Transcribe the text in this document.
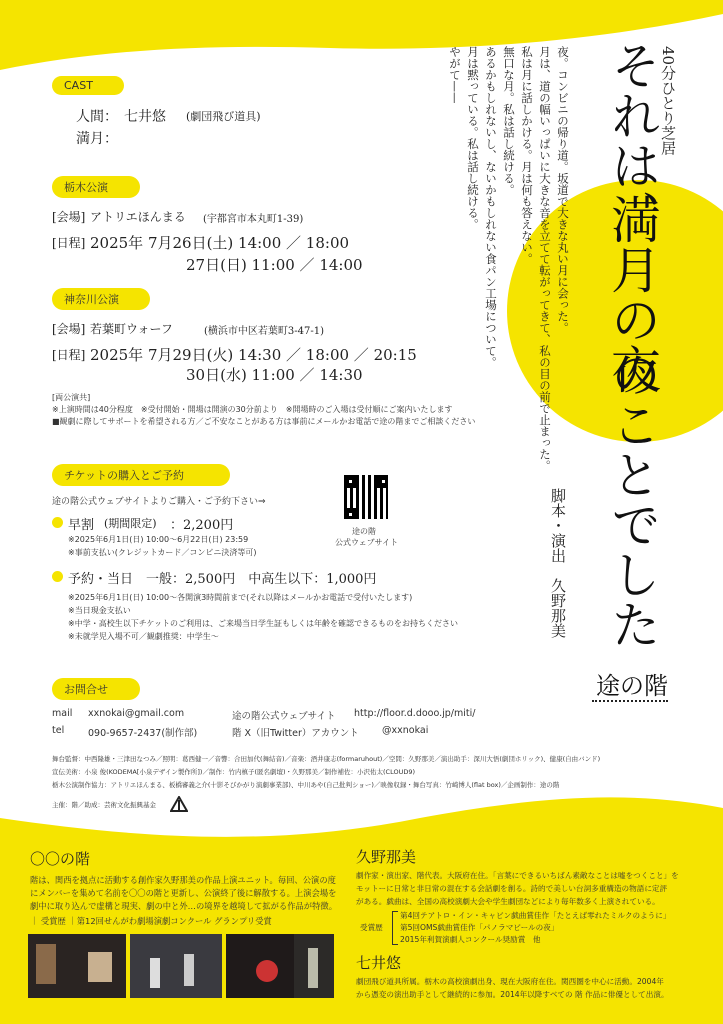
40分ひとり芝居
それは、
満月の夜
のことでした
脚本・演出　久野那美
夜。コンビニの帰り道。坂道で大きな丸い月に会った。
月は、道の幅いっぱいに大きな音を立てて転がってきて、私の目の前で止まった。
私は月に話しかける。月は何も答えない。
無口な月。私は話し続ける。
あるかもしれないし、ないかもしれない食パン工場について。
月は黙っている。私は話し続ける。
やがて——
途の階
CAST
人間： 七井悠 (劇団飛び道具)
満月：
栃木公演
[会場] アトリエほんまる (宇都宮市本丸町1-39)
[日程] 2025年 7月26日(土) 14:00 ／ 18:00
27日(日) 11:00 ／ 14:00
神奈川公演
[会場] 若葉町ウォーフ	(横浜市中区若葉町3-47-1)
[日程] 2025年 7月29日(火) 14:30 ／ 18:00 ／ 20:15
30日(水) 11:00 ／ 14:30
[両公演共]
※上演時間は40分程度　※受付開始・開場は開演の30分前より　※開場時のご入場は受付順にご案内いたします
■観劇に際してサポートを希望される方／ご不安なことがある方は事前にメールかお電話で途の階までご相談ください
チケットの購入とご予約
途の階公式ウェブサイトよりご購入・ご予約下さい⇒
途の階
公式ウェブサイト
早割 (期間限定) ：2,200円
※2025年6月1日(日) 10:00〜6月22日(日) 23:59
※事前支払い(クレジットカード／コンビニ決済等可)
予約・当日 一般：2,500円　中高生以下：1,000円
※2025年6月1日(日) 10:00〜各開演3時間前まで(それ以降はメールかお電話で受付いたします)
※当日現金支払い
※中学・高校生以下チケットのご利用は、ご来場当日学生証もしくは年齢を確認できるものをお持ちください
※未就学児入場不可／観劇推奨：中学生〜
お問合せ
mail xxnokai@gmail.com
tel	090-9657-2437(制作部)
途の階公式ウェブサイト http://floor.d.dooo.jp/miti/
階 X（旧Twitter）アカウント @xxnokai
舞台監督：中西隆雄・三津田なつみ／照明：葛西健一／音響：合田加代(舞結音)／音楽：酒井康志(formaruhout)／空間：久野那美／演出助手：深川大悟(劇団ホリック)、健康(自由バンド)
宣伝美術：小泉 俊(KODEMA[小泉デザイン製作所])／制作：竹内槙子(匿名劇壇)・久野那美／制作補佐：小沢佑太(CLOUD9)
栃木公演制作協力：アトリエほんまる、板橋審義之介(十影そびかがり演劇事業部)、中川あや(自己批判ショー)／映像収録・舞台写真：竹崎博人(flat box)／企画制作：途の階
主催：階／助成：芸術文化振興基金
〇〇の階
階は、関西を拠点に活動する創作家久野那美の作品上演ユニット。毎回、公演の度
にメンバーを集めて名前を〇〇の階と更新し、公演終了後に解散する。上演会場を
劇中に取り込んで虚構と現実、劇の中と外…の境界を越境して拡がる作品が特徴。
｜ 受賞歴 ｜第12回せんがわ劇場演劇コンクール グランプリ受賞
久野那美
劇作家・演出家、階代表。大阪府在住。「言葉にできるいちばん素敵なことは嘘をつくこと」を
モットーに日常と非日常の混在する会話劇を創る。詩的で美しい台詞多重構造の物語に定評
がある。戯曲は、全国の高校演劇大会や学生劇団などにより毎年数多く上演されている。
受賞歴
第4回テアトロ・イン・キャビン戯曲賞佳作「たとえば零れたミルクのように」
第5回OMS戯曲賞佳作「パノラマビールの夜」
2015年利賀演劇人コンクール奨励賞　他
七井悠
劇団飛び道具所属。栃木の高校演劇出身、現在大阪府在住。関西圏を中心に活動。2004年
から憑変の演出助手として継続的に参加。2014年以降すべての 階 作品に俳優として出演。
